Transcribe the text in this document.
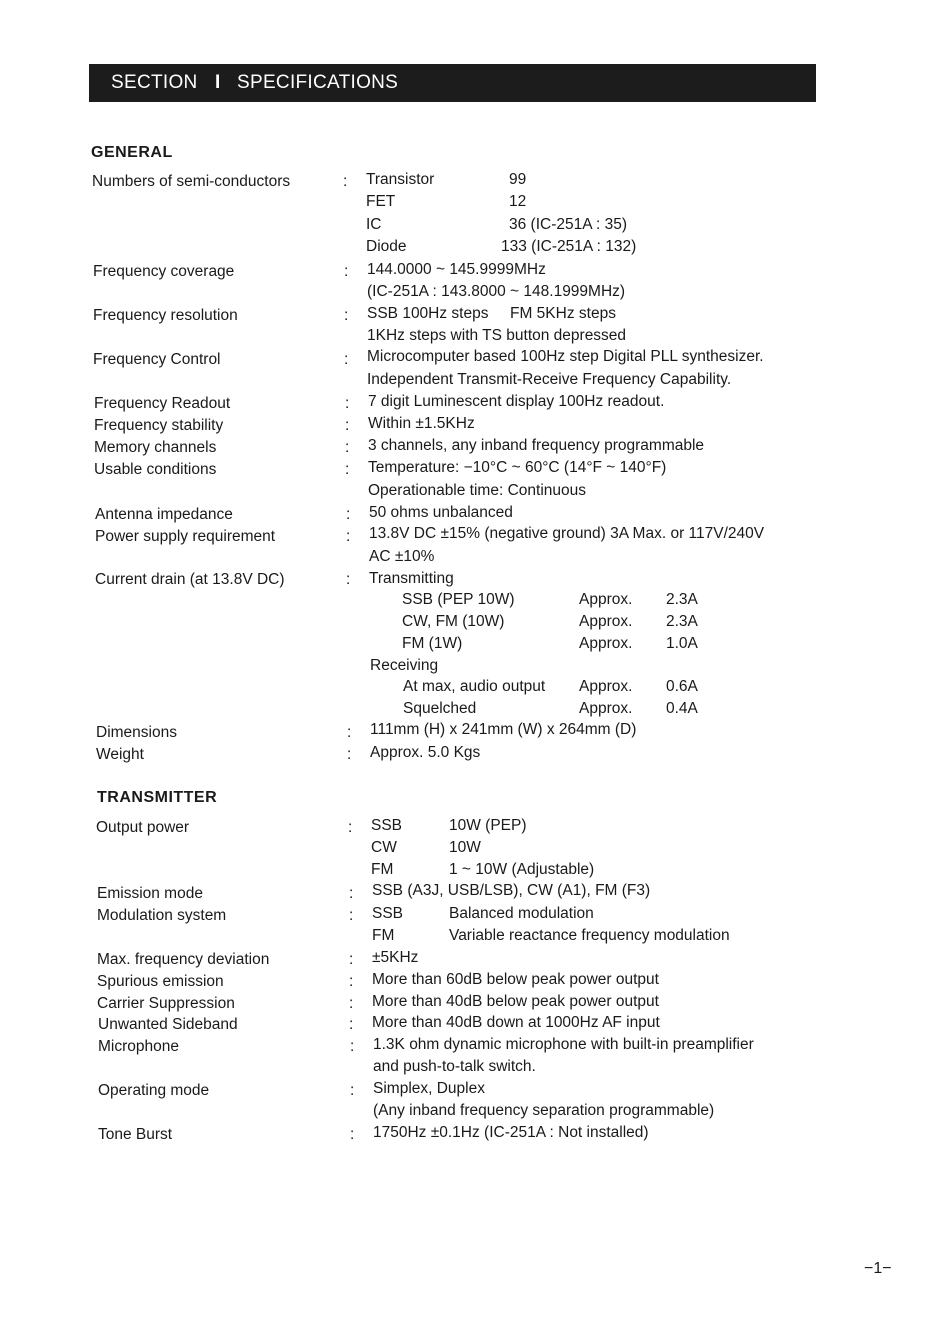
SECTION I SPECIFICATIONS
GENERAL
Numbers of semi-conductors	: Transistor	99
FET	12
IC	36 (IC-251A : 35)
Diode	133 (IC-251A : 132)
Frequency coverage	: 144.0000 ~ 145.9999MHz
(IC-251A : 143.8000 ~ 148.1999MHz)
Frequency resolution	: SSB 100Hz steps FM 5KHz steps
1KHz steps with TS button depressed
Frequency Control	: Microcomputer based 100Hz step Digital PLL synthesizer.
Independent Transmit-Receive Frequency Capability.
Frequency Readout	: 7 digit Luminescent display 100Hz readout.
Frequency stability	: Within ±1.5KHz
Memory channels	: 3 channels, any inband frequency programmable
Usable conditions	: Temperature: −10°C ~ 60°C (14°F ~ 140°F)
Operationable time: Continuous
Antenna impedance	: 50 ohms unbalanced
Power supply requirement	: 13.8V DC ±15% (negative ground) 3A Max. or 117V/240V
AC ±10%
Current drain (at 13.8V DC)	: Transmitting
SSB (PEP 10W)	Approx. 2.3A
CW, FM (10W)	Approx. 2.3A
FM (1W)	Approx. 1.0A
Receiving
At max, audio output Approx. 0.6A
Squelched	Approx. 0.4A
Dimensions	: 111mm (H) x 241mm (W) x 264mm (D)
Weight	: Approx. 5.0 Kgs
TRANSMITTER
Output power	: SSB	10W (PEP)
CW	10W
FM	1 ~ 10W (Adjustable)
Emission mode	: SSB (A3J, USB/LSB), CW (A1), FM (F3)
Modulation system	: SSB	Balanced modulation
FM	Variable reactance frequency modulation
Max. frequency deviation	: ±5KHz
Spurious emission	: More than 60dB below peak power output
Carrier Suppression	: More than 40dB below peak power output
Unwanted Sideband	: More than 40dB down at 1000Hz AF input
Microphone	: 1.3K ohm dynamic microphone with built-in preamplifier
and push-to-talk switch.
Operating mode	: Simplex, Duplex
(Any inband frequency separation programmable)
Tone Burst	: 1750Hz ±0.1Hz (IC-251A : Not installed)
−1−
